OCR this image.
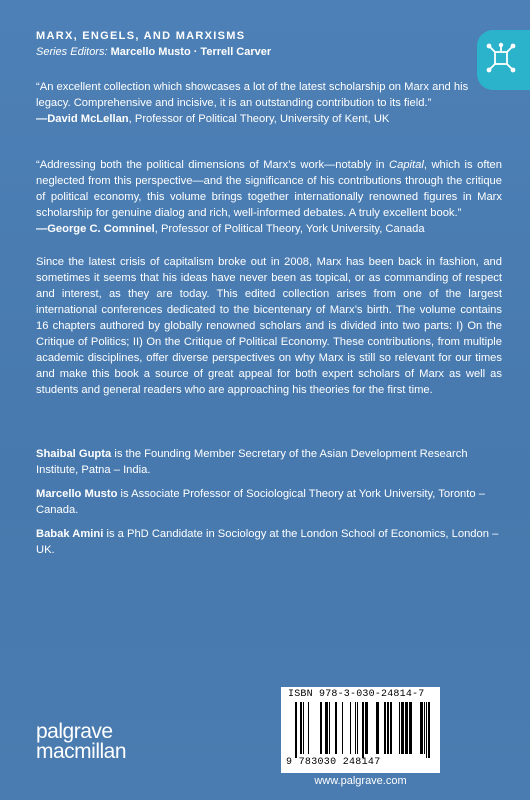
MARX, ENGELS, AND MARXISMS
Series Editors: Marcello Musto · Terrell Carver

“An excellent collection which showcases a lot of the latest scholarship on Marx and his legacy. Comprehensive and incisive, it is an outstanding contribution to its field.”

—David McLellan, Professor of Political Theory, University of Kent, UK

“Addressing both the political dimensions of Marx’s work—notably in Capital, which is often neglected from this perspective—and the significance of his contributions through the critique of political economy, this volume brings together internationally renowned figures in Marx scholarship for genuine dialog and rich, well-informed debates. A truly excellent book.”

—George C. Comninel, Professor of Political Theory, York University, Canada

Since the latest crisis of capitalism broke out in 2008, Marx has been back in fashion, and sometimes it seems that his ideas have never been as topical, or as commanding of respect and interest, as they are today. This edited collection arises from one of the largest international conferences dedicated to the bicentenary of Marx’s birth. The volume contains 16 chapters authored by globally renowned scholars and is divided into two parts: I) On the Critique of Politics; II) On the Critique of Political Economy. These contributions, from multiple academic disciplines, offer diverse perspectives on why Marx is still so relevant for our times and make this book a source of great appeal for both expert scholars of Marx as well as students and general readers who are approaching his theories for the first time.

Shaibal Gupta is the Founding Member Secretary of the Asian Development Research Institute, Patna – India.

Marcello Musto is Associate Professor of Sociological Theory at York University, Toronto – Canada.

Babak Amini is a PhD Candidate in Sociology at the London School of Economics, London – UK.

ISBN 978-3-030-24814-7
9 783030 248147
www.palgrave.com
palgrave
macmillan
